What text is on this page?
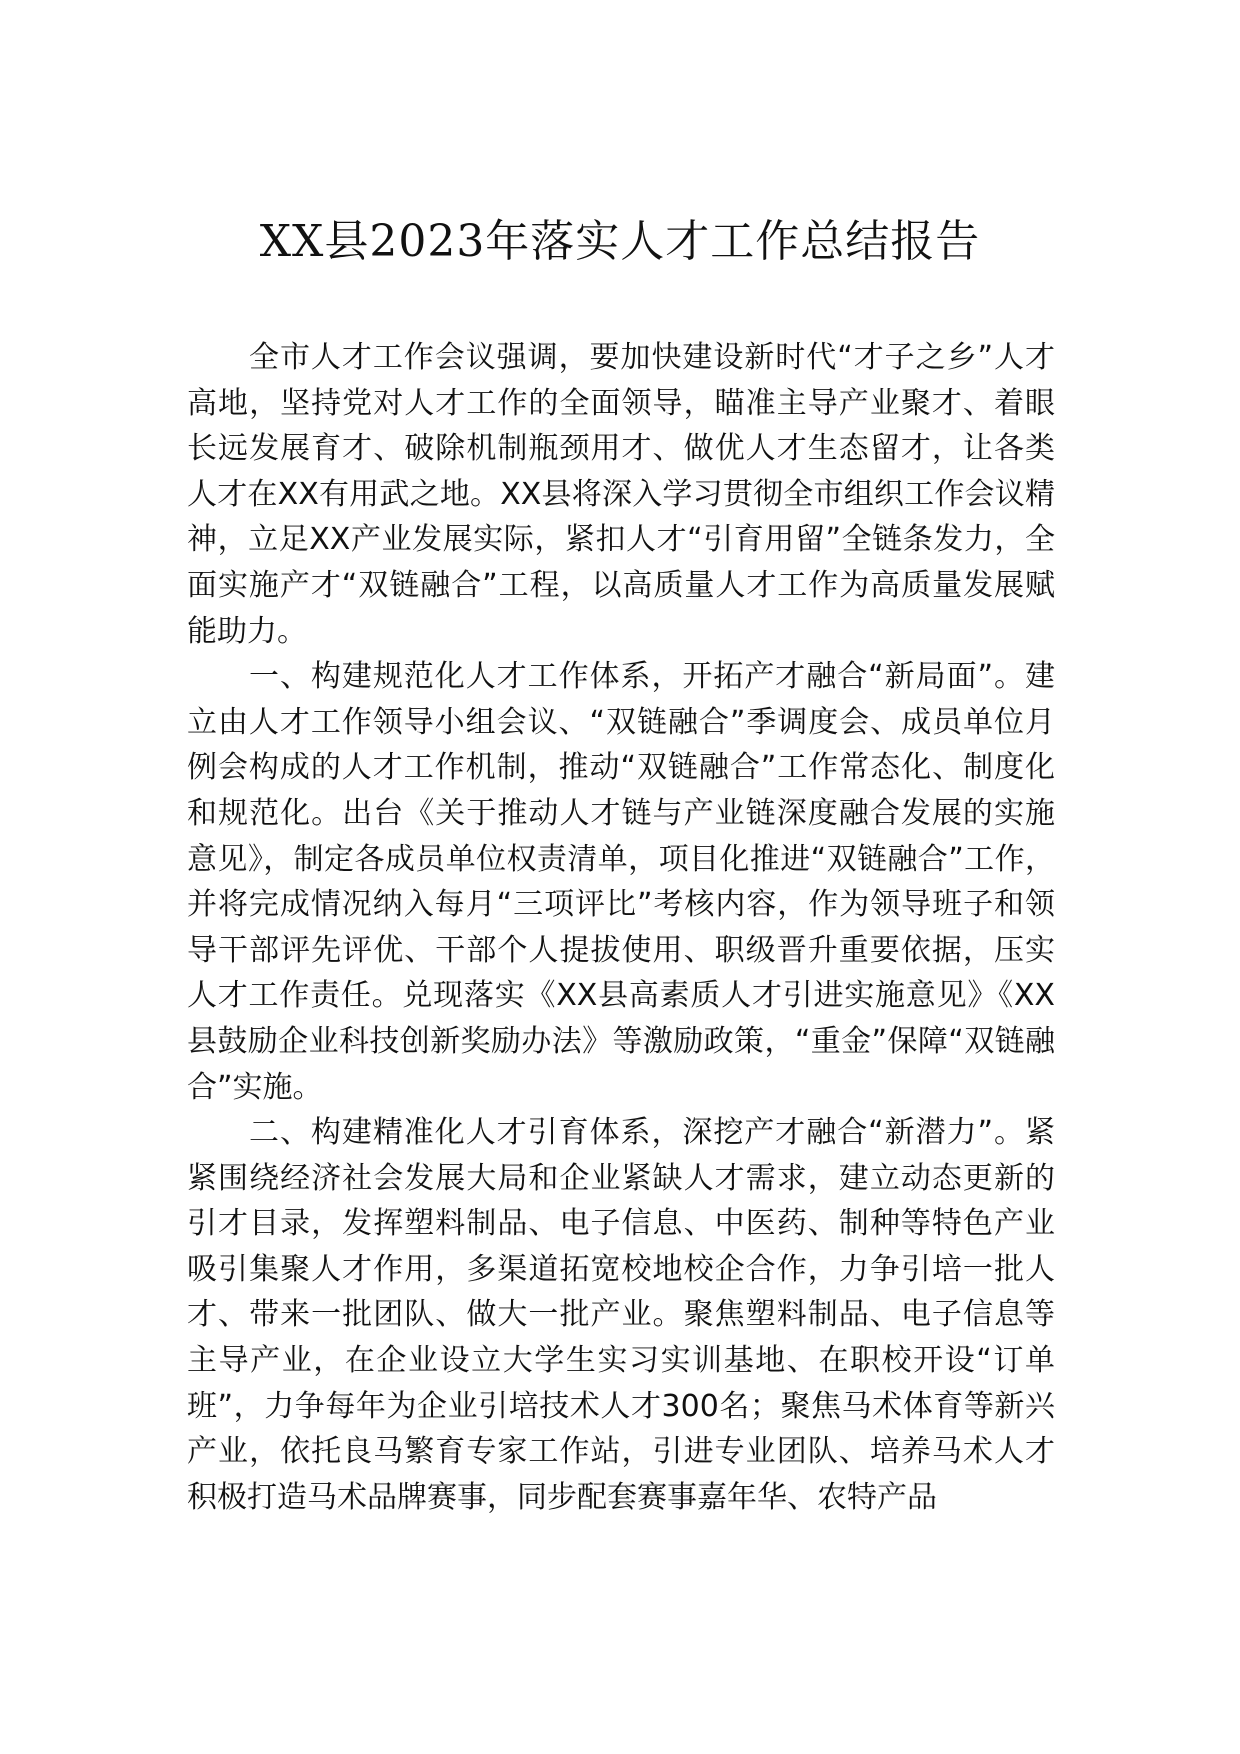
XX县2023年落实人才工作总结报告

全市人才工作会议强调，要加快建设新时代“才子之乡”人才高地，坚持党对人才工作的全面领导，瞄准主导产业聚才、着眼长远发展育才、破除机制瓶颈用才、做优人才生态留才，让各类人才在XX有用武之地。XX县将深入学习贯彻全市组织工作会议精神，立足XX产业发展实际，紧扣人才“引育用留”全链条发力，全面实施产才“双链融合”工程，以高质量人才工作为高质量发展赋能助力。

一、构建规范化人才工作体系，开拓产才融合“新局面”。建立由人才工作领导小组会议、“双链融合”季调度会、成员单位月例会构成的人才工作机制，推动“双链融合”工作常态化、制度化和规范化。出台《关于推动人才链与产业链深度融合发展的实施意见》，制定各成员单位权责清单，项目化推进“双链融合”工作，并将完成情况纳入每月“三项评比”考核内容，作为领导班子和领导干部评先评优、干部个人提拔使用、职级晋升重要依据，压实人才工作责任。兑现落实《XX县高素质人才引进实施意见》《XX县鼓励企业科技创新奖励办法》等激励政策，“重金”保障“双链融合”实施。

二、构建精准化人才引育体系，深挖产才融合“新潜力”。紧紧围绕经济社会发展大局和企业紧缺人才需求，建立动态更新的引才目录，发挥塑料制品、电子信息、中医药、制种等特色产业吸引集聚人才作用，多渠道拓宽校地校企合作，力争引培一批人才、带来一批团队、做大一批产业。聚焦塑料制品、电子信息等主导产业，在企业设立大学生实习实训基地、在职校开设“订单班”，力争每年为企业引培技术人才300名；聚焦马术体育等新兴产业，依托良马繁育专家工作站，引进专业团队、培养马术人才积极打造马术品牌赛事，同步配套赛事嘉年华、农特产品
